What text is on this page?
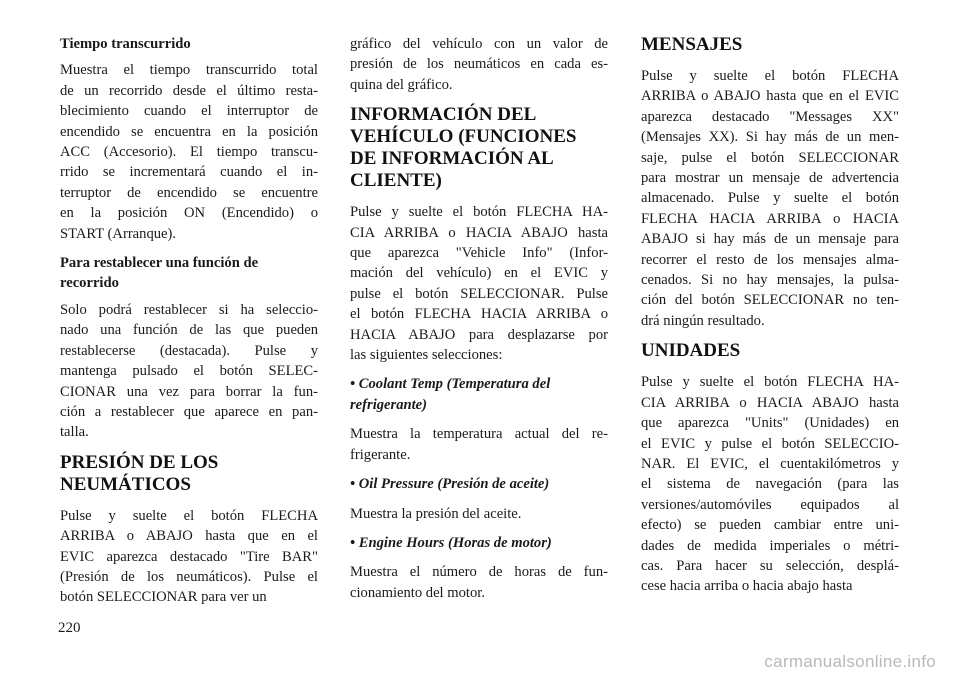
Tiempo transcurrido

Muestra el tiempo transcurrido total
de un recorrido desde el último resta-
blecimiento cuando el interruptor de
encendido se encuentra en la posición
ACC (Accesorio). El tiempo transcu-
rrido se incrementará cuando el in-
terruptor de encendido se encuentre
en la posición ON (Encendido) o
START (Arranque).

Para restablecer una función de
recorrido

Solo podrá restablecer si ha seleccio-
nado una función de las que pueden
restablecerse (destacada). Pulse y
mantenga pulsado el botón SELEC-
CIONAR una vez para borrar la fun-
ción a restablecer que aparece en pan-
talla.

PRESIÓN DE LOS
NEUMÁTICOS

Pulse y suelte el botón FLECHA
ARRIBA o ABAJO hasta que en el
EVIC aparezca destacado "Tire BAR"
(Presión de los neumáticos). Pulse el
botón SELECCIONAR para ver un

gráfico del vehículo con un valor de
presión de los neumáticos en cada es-
quina del gráfico.

INFORMACIÓN DEL
VEHÍCULO (FUNCIONES
DE INFORMACIÓN AL
CLIENTE)

Pulse y suelte el botón FLECHA HA-
CIA ARRIBA o HACIA ABAJO hasta
que aparezca "Vehicle Info" (Infor-
mación del vehículo) en el EVIC y
pulse el botón SELECCIONAR. Pulse
el botón FLECHA HACIA ARRIBA o
HACIA ABAJO para desplazarse por
las siguientes selecciones:

• Coolant Temp (Temperatura del
refrigerante)

Muestra la temperatura actual del re-
frigerante.

• Oil Pressure (Presión de aceite)

Muestra la presión del aceite.

• Engine Hours (Horas de motor)

Muestra el número de horas de fun-
cionamiento del motor.

MENSAJES

Pulse y suelte el botón FLECHA
ARRIBA o ABAJO hasta que en el EVIC
aparezca destacado "Messages XX"
(Mensajes XX). Si hay más de un men-
saje, pulse el botón SELECCIONAR
para mostrar un mensaje de advertencia
almacenado. Pulse y suelte el botón
FLECHA HACIA ARRIBA o HACIA
ABAJO si hay más de un mensaje para
recorrer el resto de los mensajes alma-
cenados. Si no hay mensajes, la pulsa-
ción del botón SELECCIONAR no ten-
drá ningún resultado.

UNIDADES

Pulse y suelte el botón FLECHA HA-
CIA ARRIBA o HACIA ABAJO hasta
que aparezca "Units" (Unidades) en
el EVIC y pulse el botón SELECCIO-
NAR. El EVIC, el cuentakilómetros y
el sistema de navegación (para las
versiones/automóviles equipados al
efecto) se pueden cambiar entre uni-
dades de medida imperiales o métri-
cas. Para hacer su selección, desplá-
cese hacia arriba o hacia abajo hasta

220
carmanualsonline.info
